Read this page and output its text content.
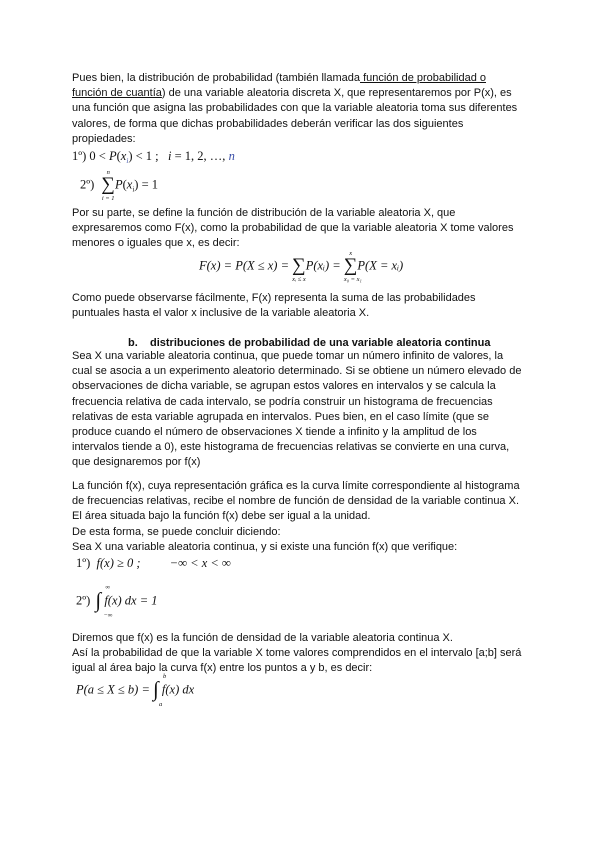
Pues bien, la distribución de probabilidad (también llamada función de probabilidad o
función de cuantía) de una variable aleatoria discreta X, que representaremos por P(x), es
una función que asigna las probabilidades con que la variable aleatoria toma sus diferentes
valores, de forma que dichas probabilidades deberán verificar las dos siguientes
propiedades:
1º) $0 < P(x_i) < 1$ ; i = 1, 2, …, n
2º)
n
∑
i = 1
$P(x_i) = 1$
Por su parte, se define la función de distribución de la variable aleatoria X, que
expresaremos como F(x), como la probabilidad de que la variable aleatoria X tome valores
menores o iguales que x, es decir:
F(x) = P(X ≤ x) = ∑
xᵢ ≤ x
P(xᵢ) =
x
∑
x₀ = x₁
P(X = xᵢ)
Como puede observarse fácilmente, F(x) representa la suma de las probabilidades
puntuales hasta el valor x inclusive de la variable aleatoria X.
b. distribuciones de probabilidad de una variable aleatoria continua
Sea X una variable aleatoria continua, que puede tomar un número infinito de valores, la
cual se asocia a un experimento aleatorio determinado. Si se obtiene un número elevado de
observaciones de dicha variable, se agrupan estos valores en intervalos y se calcula la
frecuencia relativa de cada intervalo, se podría construir un histograma de frecuencias
relativas de esta variable agrupada en intervalos. Pues bien, en el caso límite (que se
produce cuando el número de observaciones X tiende a infinito y la amplitud de los
intervalos tiende a 0), este histograma de frecuencias relativas se convierte en una curva,
que designaremos por f(x)
La función f(x), cuya representación gráfica es la curva límite correspondiente al histograma
de frecuencias relativas, recibe el nombre de función de densidad de la variable continua X.
El área situada bajo la función f(x) debe ser igual a la unidad.
De esta forma, se puede concluir diciendo:
Sea X una variable aleatoria continua, y si existe una función f(x) que verifique:
1º) f(x) ≥ 0 ; −∞ < x < ∞
2º)
∞
∫
−∞
f(x) dx = 1
Diremos que f(x) es la función de densidad de la variable aleatoria continua X.
Así la probabilidad de que la variable X tome valores comprendidos en el intervalo [a;b] será
igual al área bajo la curva f(x) entre los puntos a y b, es decir:
P(a ≤ X ≤ b) =
b
∫
a
f(x) dx
